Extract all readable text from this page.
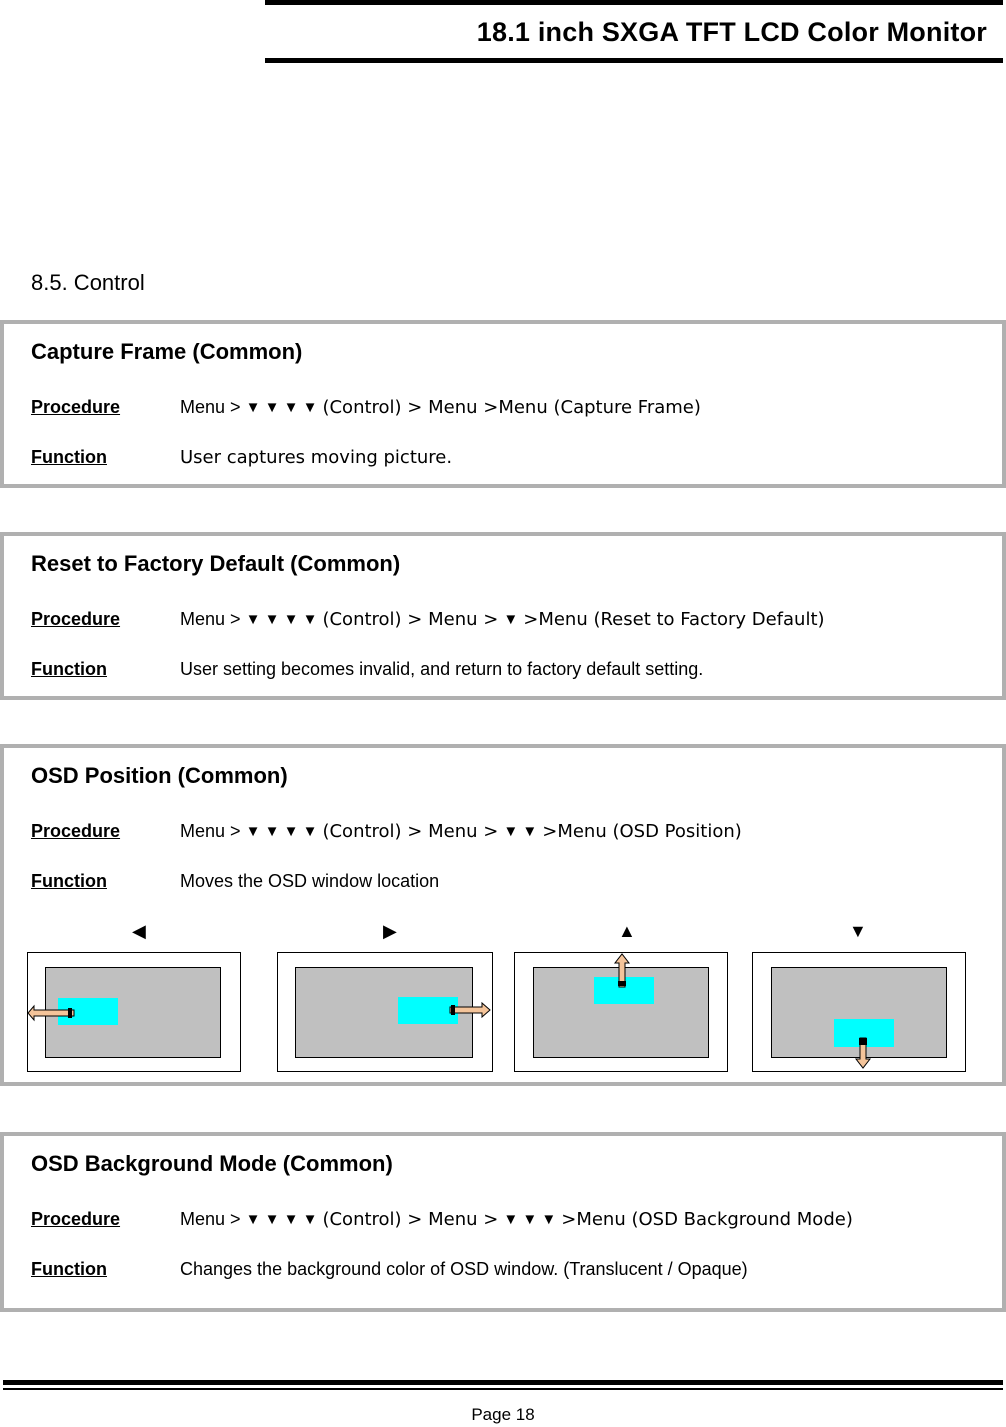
18.1 inch SXGA TFT LCD Color Monitor
8.5. Control
Capture Frame (Common)
Procedure	Menu > ▼ ▼ ▼ ▼ (Control) > Menu >Menu (Capture Frame)
Function	User captures moving picture.
Reset to Factory Default (Common)
Procedure	Menu > ▼ ▼ ▼ ▼ (Control) > Menu > ▼ >Menu (Reset to Factory Default)
Function	User setting becomes invalid, and return to factory default setting.
OSD Position (Common)
Procedure	Menu > ▼ ▼ ▼ ▼ (Control) > Menu > ▼ ▼ >Menu (OSD Position)
Function	Moves the OSD window location
◀	▶	▲	▼
OSD Background Mode (Common)
Procedure	Menu > ▼ ▼ ▼ ▼ (Control) > Menu > ▼ ▼ ▼ >Menu (OSD Background Mode)
Function	Changes the background color of OSD window. (Translucent / Opaque)
Page 18
